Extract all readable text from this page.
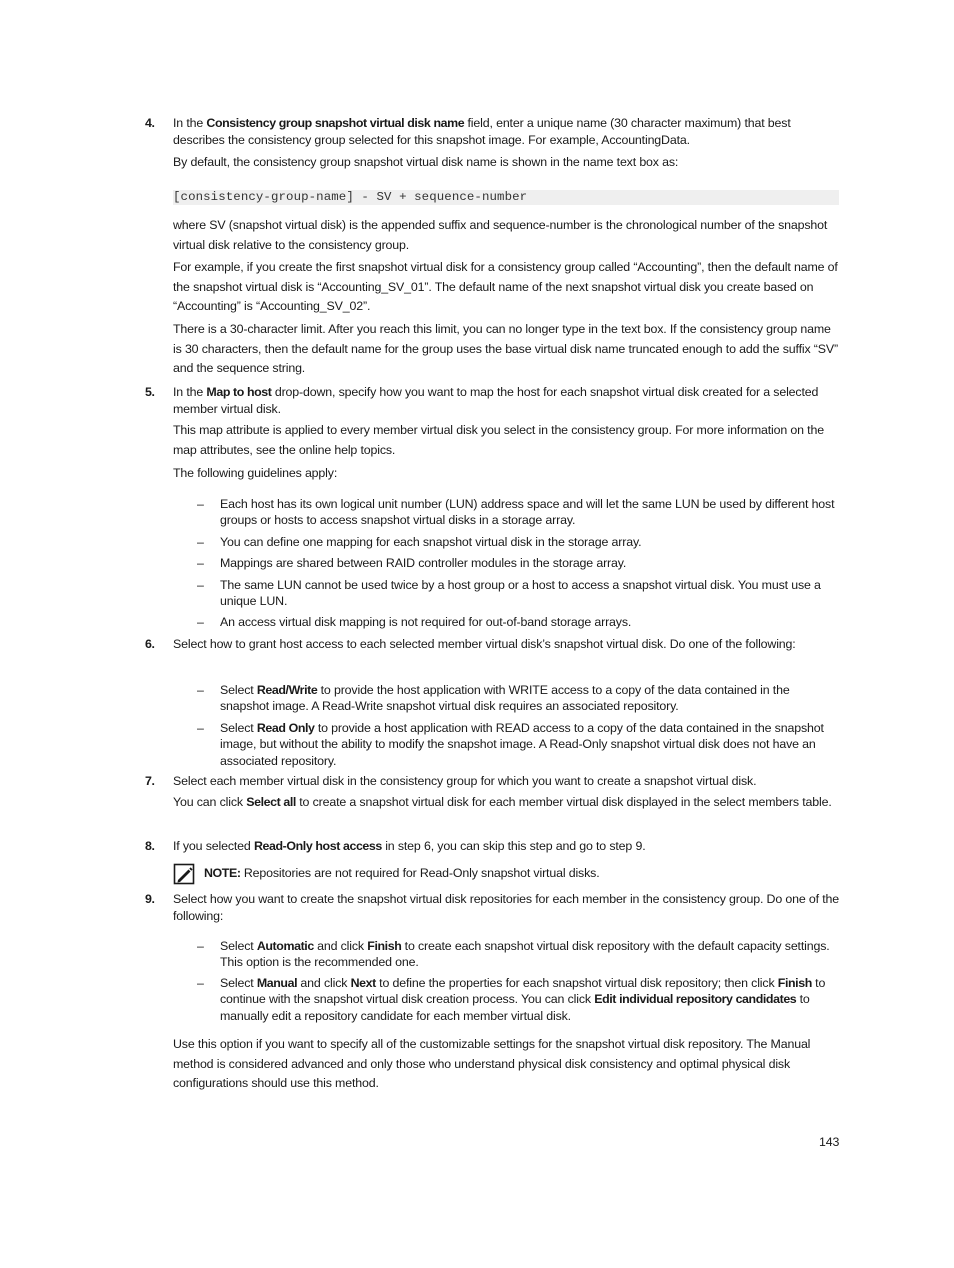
4. In the Consistency group snapshot virtual disk name field, enter a unique name (30 character maximum) that best describes the consistency group selected for this snapshot image. For example, AccountingData.
By default, the consistency group snapshot virtual disk name is shown in the name text box as:
[consistency-group-name] - SV + sequence-number
where SV (snapshot virtual disk) is the appended suffix and sequence-number is the chronological number of the snapshot virtual disk relative to the consistency group.
For example, if you create the first snapshot virtual disk for a consistency group called “Accounting”, then the default name of the snapshot virtual disk is “Accounting_SV_01”. The default name of the next snapshot virtual disk you create based on “Accounting” is “Accounting_SV_02”.
There is a 30-character limit. After you reach this limit, you can no longer type in the text box. If the consistency group name is 30 characters, then the default name for the group uses the base virtual disk name truncated enough to add the suffix “SV” and the sequence string.
5. In the Map to host drop-down, specify how you want to map the host for each snapshot virtual disk created for a selected member virtual disk.
This map attribute is applied to every member virtual disk you select in the consistency group. For more information on the map attributes, see the online help topics.
The following guidelines apply:
– Each host has its own logical unit number (LUN) address space and will let the same LUN be used by different host groups or hosts to access snapshot virtual disks in a storage array.
– You can define one mapping for each snapshot virtual disk in the storage array.
– Mappings are shared between RAID controller modules in the storage array.
– The same LUN cannot be used twice by a host group or a host to access a snapshot virtual disk. You must use a unique LUN.
– An access virtual disk mapping is not required for out-of-band storage arrays.
6. Select how to grant host access to each selected member virtual disk’s snapshot virtual disk. Do one of the following:
– Select Read/Write to provide the host application with WRITE access to a copy of the data contained in the snapshot image. A Read-Write snapshot virtual disk requires an associated repository.
– Select Read Only to provide a host application with READ access to a copy of the data contained in the snapshot image, but without the ability to modify the snapshot image. A Read-Only snapshot virtual disk does not have an associated repository.
7. Select each member virtual disk in the consistency group for which you want to create a snapshot virtual disk.
You can click Select all to create a snapshot virtual disk for each member virtual disk displayed in the select members table.
8. If you selected Read-Only host access in step 6, you can skip this step and go to step 9.
NOTE: Repositories are not required for Read-Only snapshot virtual disks.
9. Select how you want to create the snapshot virtual disk repositories for each member in the consistency group. Do one of the following:
– Select Automatic and click Finish to create each snapshot virtual disk repository with the default capacity settings. This option is the recommended one.
– Select Manual and click Next to define the properties for each snapshot virtual disk repository; then click Finish to continue with the snapshot virtual disk creation process. You can click Edit individual repository candidates to manually edit a repository candidate for each member virtual disk.
Use this option if you want to specify all of the customizable settings for the snapshot virtual disk repository. The Manual method is considered advanced and only those who understand physical disk consistency and optimal physical disk configurations should use this method.
143
